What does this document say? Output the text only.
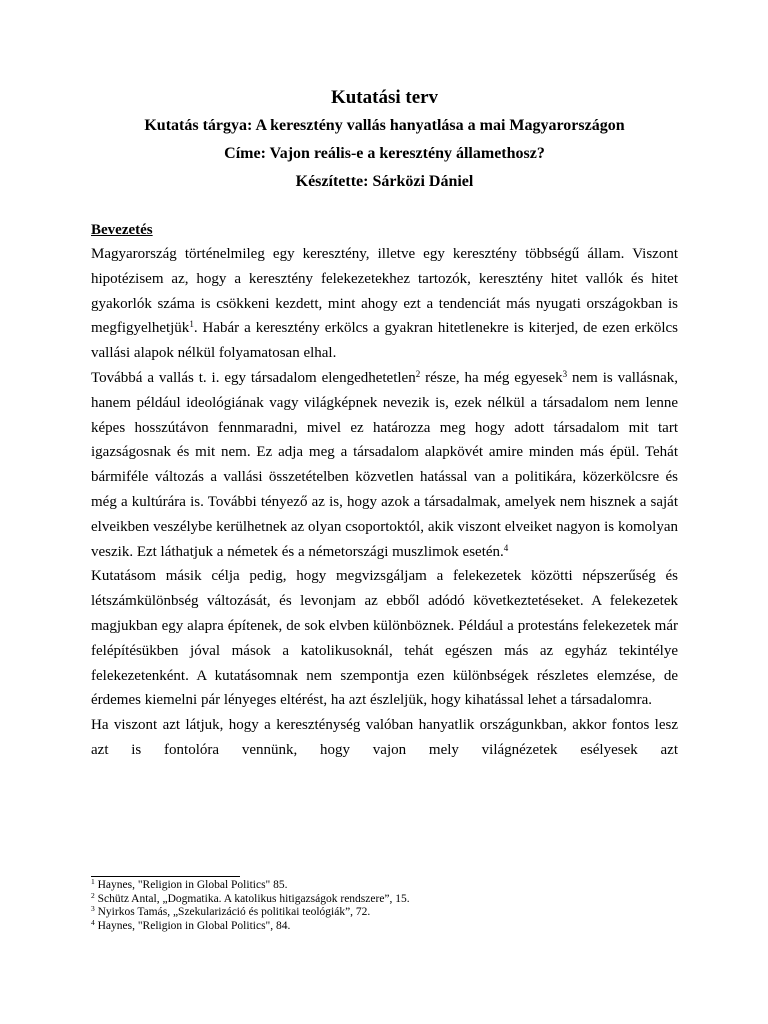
Kutatási terv
Kutatás tárgya: A keresztény vallás hanyatlása a mai Magyarországon
Címe: Vajon reális-e a keresztény államethosz?
Készítette: Sárközi Dániel
Bevezetés

Magyarország történelmileg egy keresztény, illetve egy keresztény többségű állam. Viszont hipotézisem az, hogy a keresztény felekezetekhez tartozók, keresztény hitet vallók és hitet gyakorlók száma is csökkeni kezdett, mint ahogy ezt a tendenciát más nyugati országokban is megfigyelhetjük$^1$. Habár a keresztény erkölcs a gyakran hitetlenekre is kiterjed, de ezen erkölcs vallási alapok nélkül folyamatosan elhal.

Továbbá a vallás t. i. egy társadalom elengedhetetlen$^2$ része, ha még egyesek$^3$ nem is vallásnak, hanem például ideológiának vagy világképnek nevezik is, ezek nélkül a társadalom nem lenne képes hosszútávon fennmaradni, mivel ez határozza meg hogy adott társadalom mit tart igazságosnak és mit nem. Ez adja meg a társadalom alapkövét amire minden más épül. Tehát bármiféle változás a vallási összetételben közvetlen hatással van a politikára, közerkölcsre és még a kultúrára is. További tényező az is, hogy azok a társadalmak, amelyek nem hisznek a saját elveikben veszélybe kerülhetnek az olyan csoportoktól, akik viszont elveiket nagyon is komolyan veszik. Ezt láthatjuk a németek és a németországi muszlimok esetén.$^4$

Kutatásom másik célja pedig, hogy megvizsgáljam a felekezetek közötti népszerűség és létszámkülönbség változását, és levonjam az ebből adódó következtetéseket. A felekezetek magjukban egy alapra építenek, de sok elvben különböznek. Például a protestáns felekezetek már felépítésükben jóval mások a katolikusoknál, tehát egészen más az egyház tekintélye felekezetenként. A kutatásomnak nem szempontja ezen különbségek részletes elemzése, de érdemes kiemelni pár lényeges eltérést, ha azt észleljük, hogy kihatással lehet a társadalomra.

Ha viszont azt látjuk, hogy a kereszténység valóban hanyatlik országunkban, akkor fontos lesz azt is fontolóra vennünk, hogy vajon mely világnézetek esélyesek azt

$^1$ Haynes, "Religion in Global Politics" 85.

$^2$ Schütz Antal, „Dogmatika. A katolikus hitigazságok rendszere”, 15.

$^3$ Nyirkos Tamás, „Szekularizáció és politikai teológiák”, 72.

$^4$ Haynes, "Religion in Global Politics", 84.
